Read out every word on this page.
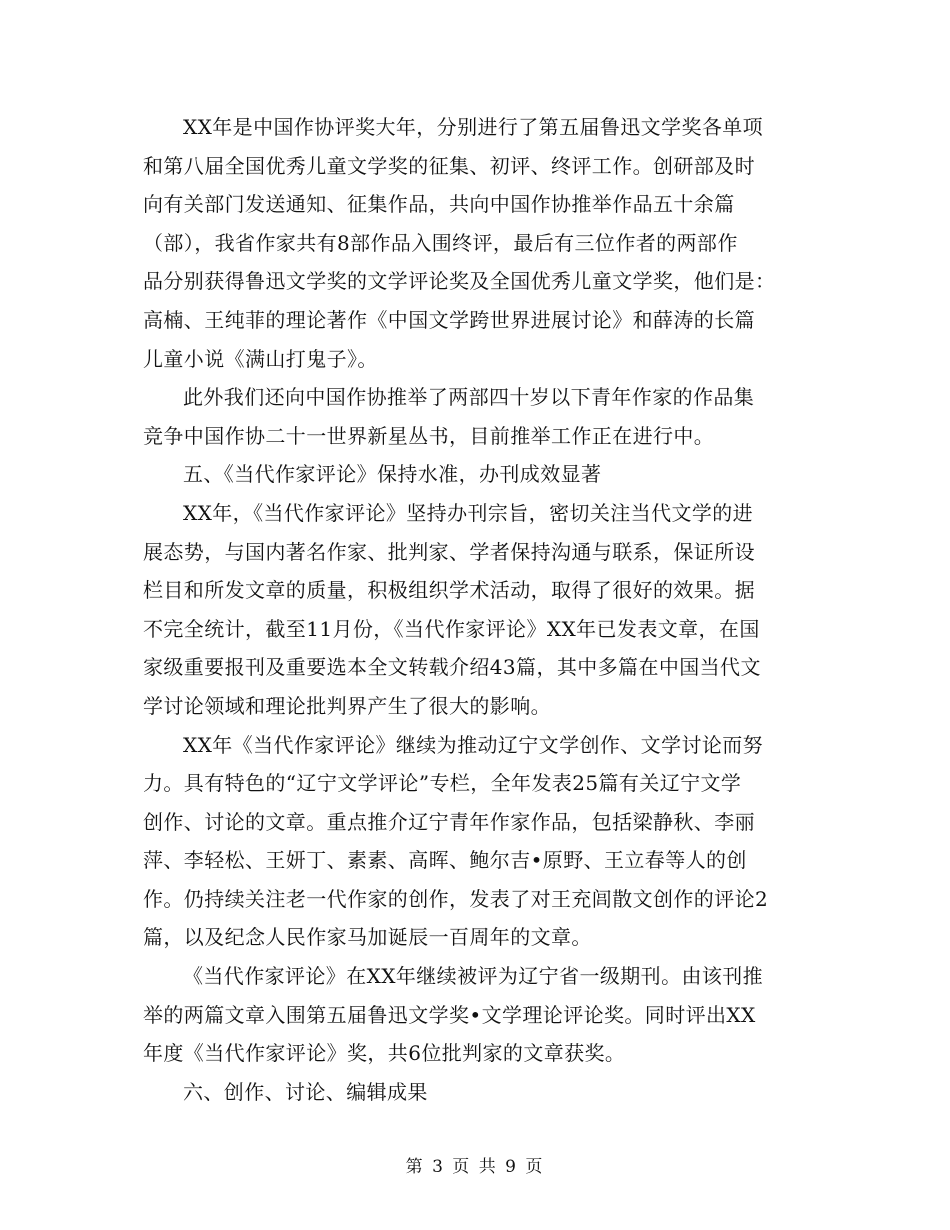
XX年是中国作协评奖大年，分别进行了第五届鲁迅文学奖各单项
和第八届全国优秀儿童文学奖的征集、初评、终评工作。创研部及时
向有关部门发送通知、征集作品，共向中国作协推举作品五十余篇
（部），我省作家共有8部作品入围终评，最后有三位作者的两部作
品分别获得鲁迅文学奖的文学评论奖及全国优秀儿童文学奖，他们是：
高楠、王纯菲的理论著作《中国文学跨世界进展讨论》和薛涛的长篇
儿童小说《满山打鬼子》。

此外我们还向中国作协推举了两部四十岁以下青年作家的作品集
竞争中国作协二十一世界新星丛书，目前推举工作正在进行中。

五、《当代作家评论》保持水准，办刊成效显著

XX年，《当代作家评论》坚持办刊宗旨，密切关注当代文学的进
展态势，与国内著名作家、批判家、学者保持沟通与联系，保证所设
栏目和所发文章的质量，积极组织学术活动，取得了很好的效果。据
不完全统计，截至11月份，《当代作家评论》XX年已发表文章，在国
家级重要报刊及重要选本全文转载介绍43篇，其中多篇在中国当代文
学讨论领域和理论批判界产生了很大的影响。

XX年《当代作家评论》继续为推动辽宁文学创作、文学讨论而努
力。具有特色的“辽宁文学评论”专栏，全年发表25篇有关辽宁文学
创作、讨论的文章。重点推介辽宁青年作家作品，包括梁静秋、李丽
萍、李轻松、王妍丁、素素、高晖、鲍尔吉•原野、王立春等人的创
作。仍持续关注老一代作家的创作，发表了对王充闾散文创作的评论2
篇，以及纪念人民作家马加诞辰一百周年的文章。

《当代作家评论》在XX年继续被评为辽宁省一级期刊。由该刊推
举的两篇文章入围第五届鲁迅文学奖•文学理论评论奖。同时评出XX
年度《当代作家评论》奖，共6位批判家的文章获奖。

六、创作、讨论、编辑成果

第 3 页 共 9 页
